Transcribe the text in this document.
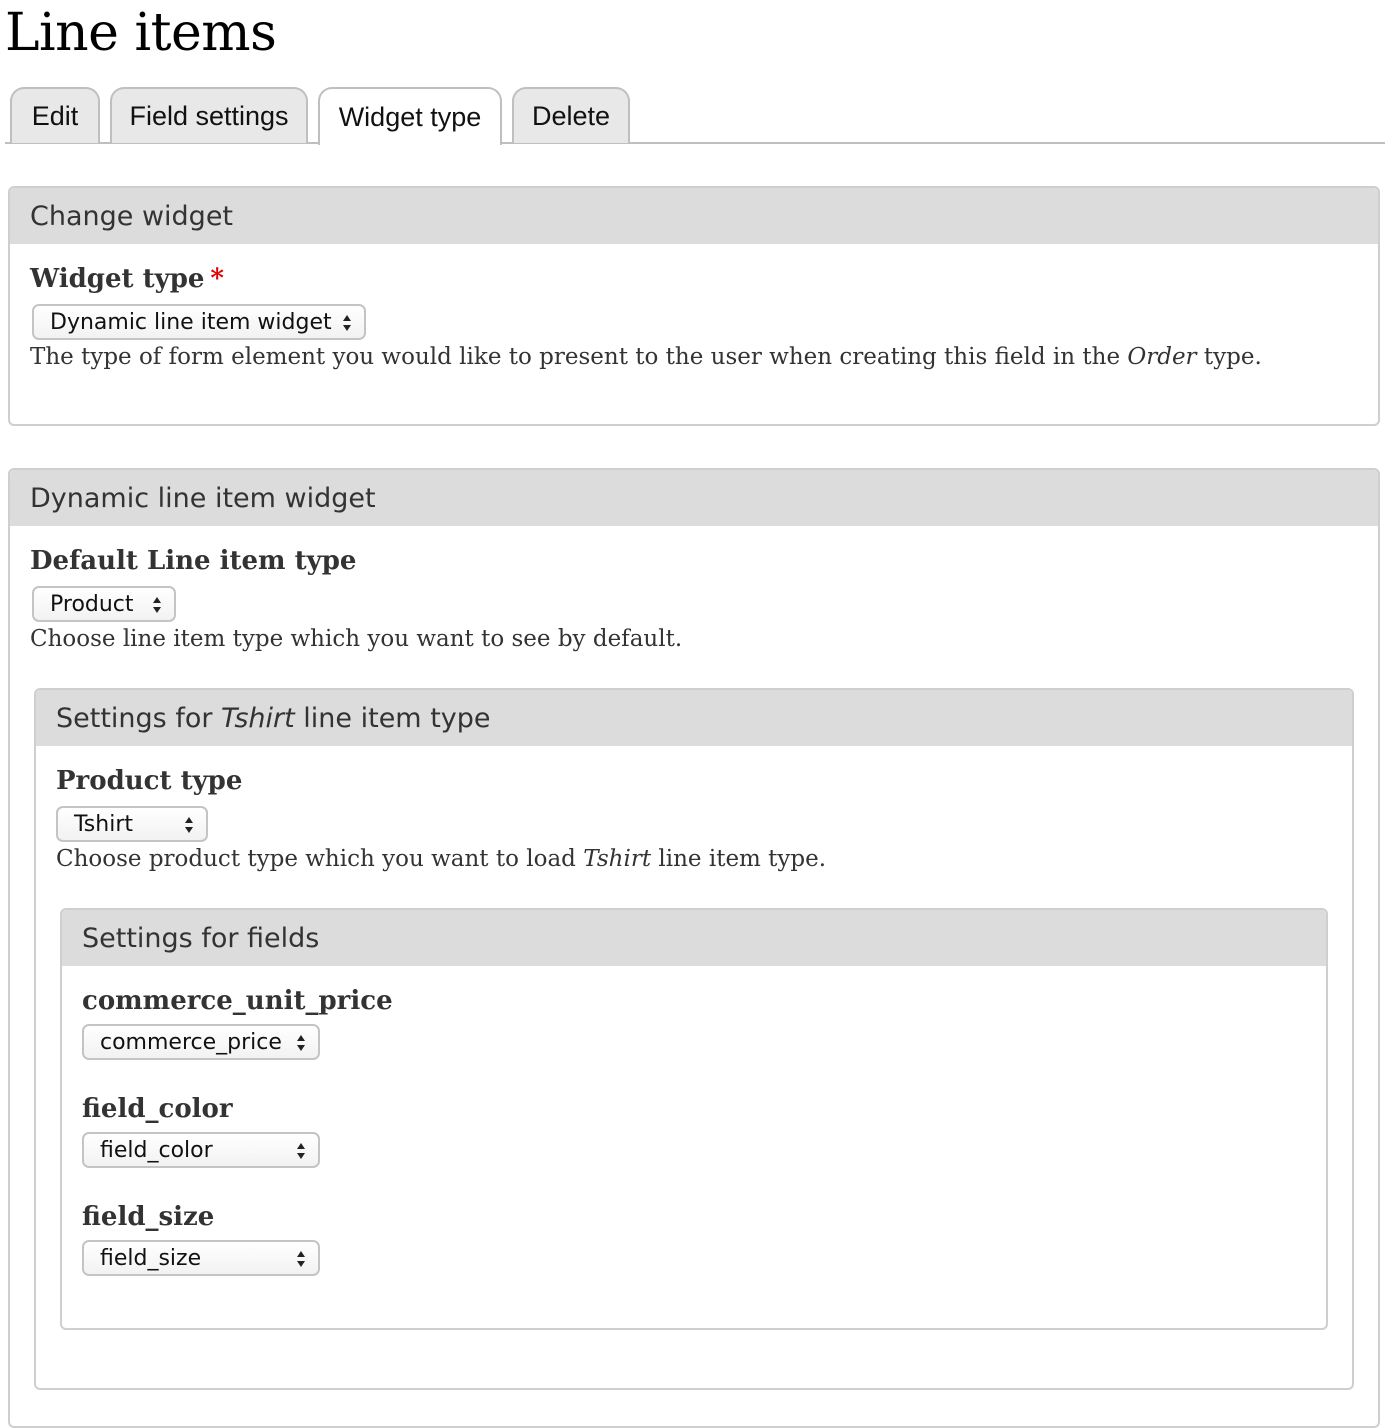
Line items
Edit Field settings Widget type Delete
Change widget
Widget type *
Dynamic line item widget
The type of form element you would like to present to the user when creating this field in the Order type.
Dynamic line item widget
Default Line item type
Product
Choose line item type which you want to see by default.
Settings for Tshirt line item type
Product type
Tshirt
Choose product type which you want to load Tshirt line item type.
Settings for fields
commerce_unit_price
commerce_price
field_color
field_color
field_size
field_size
